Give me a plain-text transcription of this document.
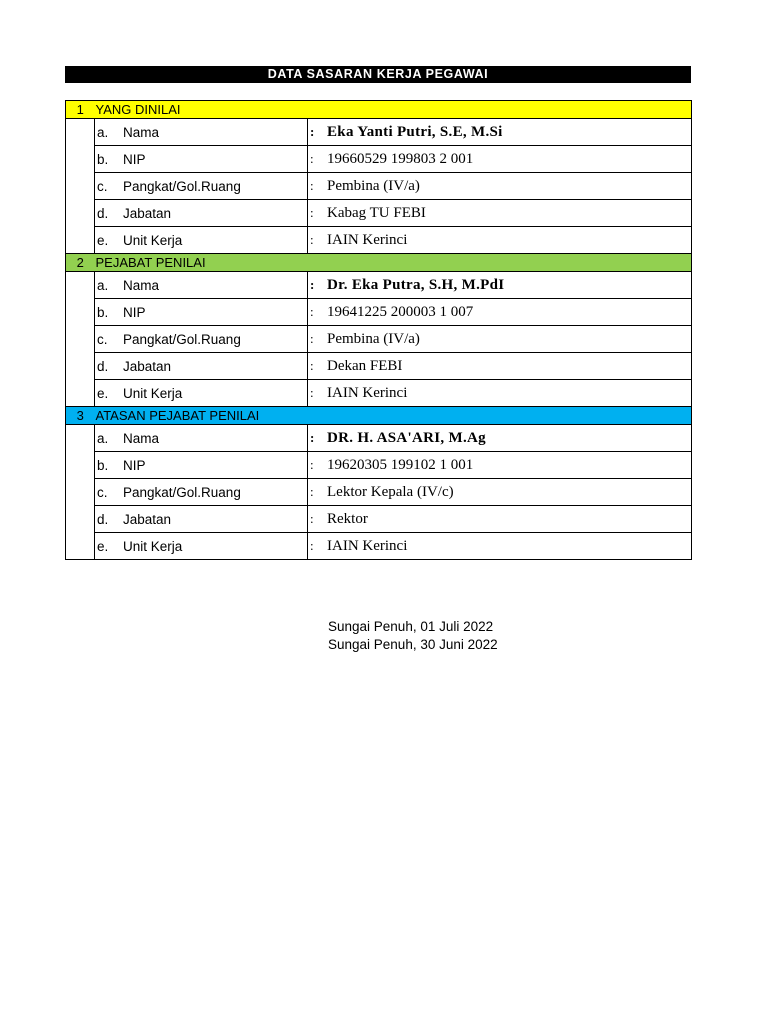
DATA SASARAN KERJA PEGAWAI
1	YANG DINILAI	
	a. Nama	: Eka Yanti Putri, S.E, M.Si
	b. NIP	: 19660529 199803 2 001
	c. Pangkat/Gol.Ruang	: Pembina (IV/a)
	d. Jabatan	: Kabag TU FEBI
	e. Unit Kerja	: IAIN Kerinci
2	PEJABAT PENILAI	
	a. Nama	: Dr. Eka Putra, S.H, M.PdI
	b. NIP	: 19641225 200003 1 007
	c. Pangkat/Gol.Ruang	: Pembina (IV/a)
	d. Jabatan	: Dekan FEBI
	e. Unit Kerja	: IAIN Kerinci
3	ATASAN PEJABAT PENILAI	
	a. Nama	: DR. H. ASA'ARI, M.Ag
	b. NIP	: 19620305 199102 1 001
	c. Pangkat/Gol.Ruang	: Lektor Kepala (IV/c)
	d. Jabatan	: Rektor
	e. Unit Kerja	: IAIN Kerinci
Sungai Penuh, 01 Juli 2022
Sungai Penuh, 30 Juni 2022
